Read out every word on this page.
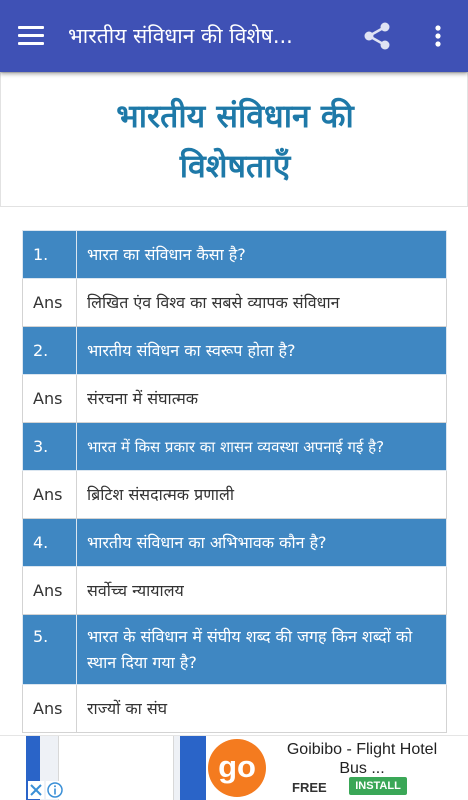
भारतीय संविधान की विशेष...
भारतीय संविधान की
विशेषताएँ
1.	भारत का संविधान कैसा है?
Ans	लिखित एंव विश्व का सबसे व्यापक संविधान
2.	भारतीय संविधन का स्वरूप होता है?
Ans	संरचना में संघात्मक
3.	भारत में किस प्रकार का शासन व्यवस्था अपनाई गई है?
Ans	ब्रिटिश संसदात्मक प्रणाली
4.	भारतीय संविधान का अभिभावक कौन है?
Ans	सर्वोच्च न्यायालय
5.	भारत के संविधान में संघीय शब्द की जगह किन शब्दों को स्थान दिया गया है?
Ans	राज्यों का संघ
go	Goibibo - Flight Hotel Bus ...
FREE	INSTALL
